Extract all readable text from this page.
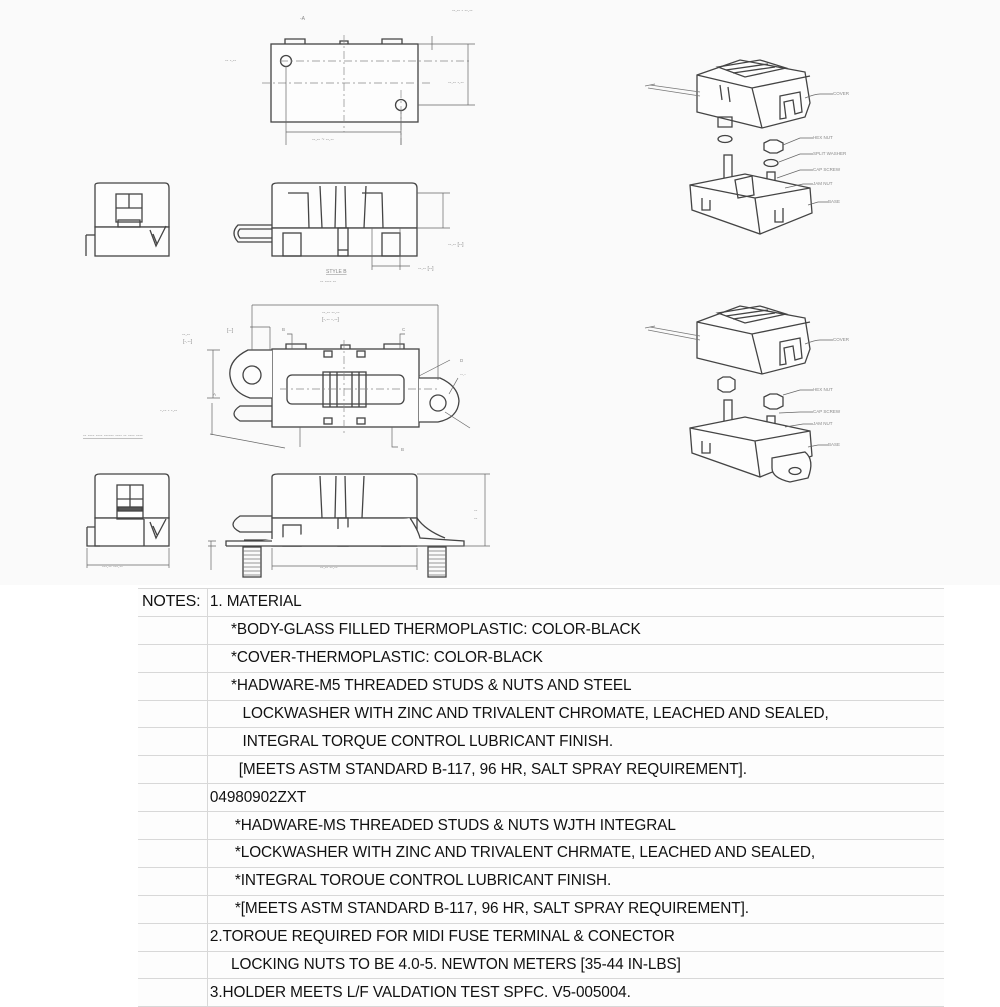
--.-- ~ --.--
--.-- - --.--
--.-- -.--
-- -.--
-A
--.-- [--]
--.-- [--]
STYLE B
-- ---- --
--.-- --.--
[-.-- -.--]
--.--
[-.--]
[--]
-.-- - -.--
-- ---- ---- ------ ---- -- ---- ----
B	C
B
D
A
--.-
---.-- ---.--	--.-- --.--
--
--
COVER
HEX NUT
SPLIT WASHER
CAP SCREW
JAM NUT
BASE
COVER
HEX NUT
CAP SCREW
JAM NUT
BASE
NOTES: 1. MATERIAL
*BODY-GLASS FILLED THERMOPLASTIC: COLOR-BLACK
*COVER-THERMOPLASTIC: COLOR-BLACK
*HADWARE-M5 THREADED STUDS & NUTS AND STEEL
LOCKWASHER WITH ZINC AND TRIVALENT CHROMATE, LEACHED AND SEALED,
INTEGRAL TORQUE CONTROL LUBRICANT FINISH.
[MEETS ASTM STANDARD B-117, 96 HR, SALT SPRAY REQUIREMENT].
04980902ZXT
*HADWARE-MS THREADED STUDS & NUTS WJTH INTEGRAL
*LOCKWASHER WITH ZINC AND TRIVALENT CHRMATE, LEACHED AND SEALED,
*INTEGRAL TOROUE CONTROL LUBRICANT FINISH.
*[MEETS ASTM STANDARD B-117, 96 HR, SALT SPRAY REQUIREMENT].
2.TOROUE REQUIRED FOR MIDI FUSE TERMINAL & CONECTOR
LOCKING NUTS TO BE 4.0-5. NEWTON METERS [35-44 IN-LBS]
3.HOLDER MEETS L/F VALDATION TEST SPFC. V5-005004.
